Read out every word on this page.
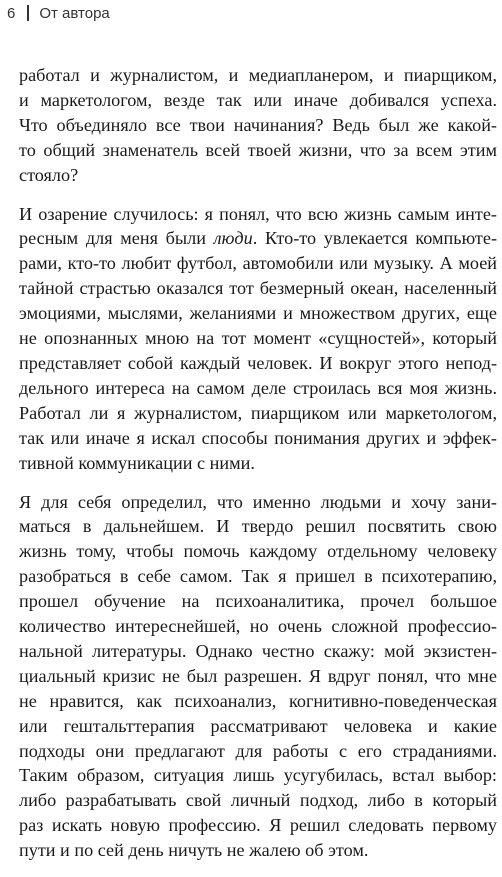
6 От автора

работал и журналистом, и медиапланером, и пиарщиком,
и маркетологом, везде так или иначе добивался успеха.
Что объединяло все твои начинания? Ведь был же какой-
то общий знаменатель всей твоей жизни, что за всем этим
стояло?

И озарение случилось: я понял, что всю жизнь самым инте-
ресным для меня были люди. Кто-то увлекается компьюте-
рами, кто-то любит футбол, автомобили или музыку. А моей
тайной страстью оказался тот безмерный океан, населенный
эмоциями, мыслями, желаниями и множеством других, еще
не опознанных мною на тот момент «сущностей», который
представляет собой каждый человек. И вокруг этого непод-
дельного интереса на самом деле строилась вся моя жизнь.
Работал ли я журналистом, пиарщиком или маркетологом,
так или иначе я искал способы понимания других и эффек-
тивной коммуникации с ними.

Я для себя определил, что именно людьми и хочу зани-
маться в дальнейшем. И твердо решил посвятить свою
жизнь тому, чтобы помочь каждому отдельному человеку
разобраться в себе самом. Так я пришел в психотерапию,
прошел обучение на психоаналитика, прочел большое
количество интереснейшей, но очень сложной профессио-
нальной литературы. Однако честно скажу: мой экзистен-
циальный кризис не был разрешен. Я вдруг понял, что мне
не нравится, как психоанализ, когнитивно-поведенческая
или гештальттерапия рассматривают человека и какие
подходы они предлагают для работы с его страданиями.
Таким образом, ситуация лишь усугубилась, встал выбор:
либо разрабатывать свой личный подход, либо в который
раз искать новую профессию. Я решил следовать первому
пути и по сей день ничуть не жалею об этом.
